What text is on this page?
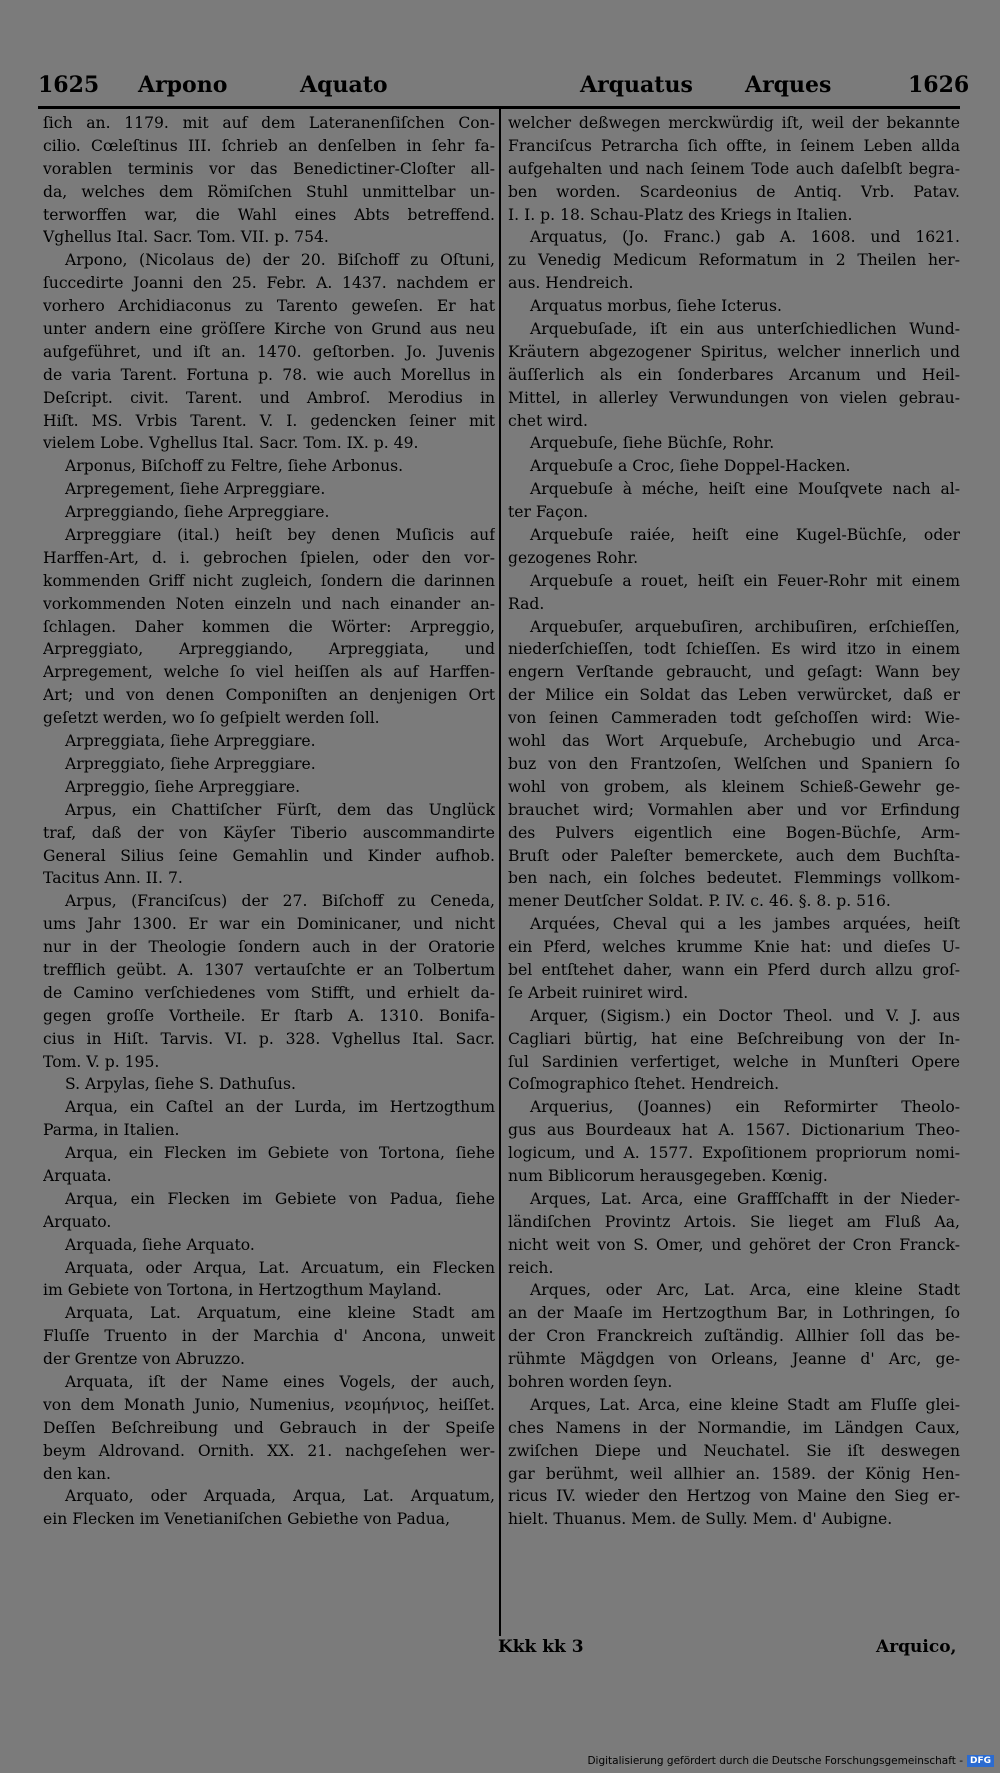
1625 Arpono	Aquato	Arquatus Arques	1626
ſich an. 1179. mit auf dem Lateranenſiſchen Con-
cilio. Cœleſtinus III. ſchrieb an denſelben in ſehr fa-
vorablen terminis vor das Benedictiner-Cloſter all-
da, welches dem Römiſchen Stuhl unmittelbar un-
terworffen war, die Wahl eines Abts betreffend.
Vghellus Ital. Sacr. Tom. VII. p. 754.
Arpono, (Nicolaus de) der 20. Biſchoff zu Oſtuni,
ſuccedirte Joanni den 25. Febr. A. 1437. nachdem er
vorhero Archidiaconus zu Tarento geweſen. Er hat
unter andern eine gröſſere Kirche von Grund aus neu
aufgeführet, und iſt an. 1470. geſtorben. Jo. Juvenis
de varia Tarent. Fortuna p. 78. wie auch Morellus in
Deſcript. civit. Tarent. und Ambroſ. Merodius in
Hiſt. MS. Vrbis Tarent. V. I. gedencken ſeiner mit
vielem Lobe. Vghellus Ital. Sacr. Tom. IX. p. 49.
Arponus, Biſchoff zu Feltre, ſiehe Arbonus.
Arpregement, ſiehe Arpreggiare.
Arpreggiando, ſiehe Arpreggiare.
Arpreggiare (ital.) heiſt bey denen Muſicis auf
Harffen-Art, d. i. gebrochen ſpielen, oder den vor-
kommenden Griff nicht zugleich, ſondern die darinnen
vorkommenden Noten einzeln und nach einander an-
ſchlagen. Daher kommen die Wörter: Arpreggio,
Arpreggiato, Arpreggiando, Arpreggiata, und
Arpregement, welche ſo viel heiſſen als auf Harffen-
Art; und von denen Componiſten an denjenigen Ort
geſetzt werden, wo ſo geſpielt werden ſoll.
Arpreggiata, ſiehe Arpreggiare.
Arpreggiato, ſiehe Arpreggiare.
Arpreggio, ſiehe Arpreggiare.
Arpus, ein Chattiſcher Fürſt, dem das Unglück
traf, daß der von Käyſer Tiberio auscommandirte
General Silius ſeine Gemahlin und Kinder aufhob.
Tacitus Ann. II. 7.
Arpus, (Franciſcus) der 27. Biſchoff zu Ceneda,
ums Jahr 1300. Er war ein Dominicaner, und nicht
nur in der Theologie ſondern auch in der Oratorie
trefflich geübt. A. 1307 vertauſchte er an Tolbertum
de Camino verſchiedenes vom Stifft, und erhielt da-
gegen groſſe Vortheile. Er ſtarb A. 1310. Bonifa-
cius in Hiſt. Tarvis. VI. p. 328. Vghellus Ital. Sacr.
Tom. V. p. 195.
S. Arpylas, ſiehe S. Dathuſus.
Arqua, ein Caſtel an der Lurda, im Hertzogthum
Parma, in Italien.
Arqua, ein Flecken im Gebiete von Tortona, ſiehe
Arquata.
Arqua, ein Flecken im Gebiete von Padua, ſiehe
Arquato.
Arquada, ſiehe Arquato.
Arquata, oder Arqua, Lat. Arcuatum, ein Flecken
im Gebiete von Tortona, in Hertzogthum Mayland.
Arquata, Lat. Arquatum, eine kleine Stadt am
Fluſſe Truento in der Marchia d' Ancona, unweit
der Grentze von Abruzzo.
Arquata, iſt der Name eines Vogels, der auch,
von dem Monath Junio, Numenius, νεομήνιος, heiſſet.
Deſſen Beſchreibung und Gebrauch in der Speiſe
beym Aldrovand. Ornith. XX. 21. nachgeſehen wer-
den kan.
Arquato, oder Arquada, Arqua, Lat. Arquatum,
ein Flecken im Venetianiſchen Gebiethe von Padua,
welcher deßwegen merckwürdig iſt, weil der bekannte
Franciſcus Petrarcha ſich offte, in ſeinem Leben allda
aufgehalten und nach ſeinem Tode auch daſelbſt begra-
ben worden. Scardeonius de Antiq. Vrb. Patav.
I. I. p. 18. Schau-Platz des Kriegs in Italien.
Arquatus, (Jo. Franc.) gab A. 1608. und 1621.
zu Venedig Medicum Reformatum in 2 Theilen her-
aus. Hendreich.
Arquatus morbus, ſiehe Icterus.
Arquebuſade, iſt ein aus unterſchiedlichen Wund-
Kräutern abgezogener Spiritus, welcher innerlich und
äuſſerlich als ein ſonderbares Arcanum und Heil-
Mittel, in allerley Verwundungen von vielen gebrau-
chet wird.
Arquebuſe, ſiehe Büchſe, Rohr.
Arquebuſe a Croc, ſiehe Doppel-Hacken.
Arquebuſe à méche, heiſt eine Mouſqvete nach al-
ter Façon.
Arquebuſe raiée, heiſt eine Kugel-Büchſe, oder
gezogenes Rohr.
Arquebuſe a rouet, heiſt ein Feuer-Rohr mit einem
Rad.
Arquebuſer, arquebuſiren, archibuſiren, erſchieſſen,
niederſchieſſen, todt ſchieſſen. Es wird itzo in einem
engern Verſtande gebraucht, und geſagt: Wann bey
der Milice ein Soldat das Leben verwürcket, daß er
von ſeinen Cammeraden todt geſchoſſen wird: Wie-
wohl das Wort Arquebuſe, Archebugio und Arca-
buz von den Frantzoſen, Welſchen und Spaniern ſo
wohl von grobem, als kleinem Schieß-Gewehr ge-
brauchet wird; Vormahlen aber und vor Erfindung
des Pulvers eigentlich eine Bogen-Büchſe, Arm-
Bruſt oder Paleſter bemerckete, auch dem Buchſta-
ben nach, ein ſolches bedeutet. Flemmings vollkom-
mener Deutſcher Soldat. P. IV. c. 46. §. 8. p. 516.
Arquées, Cheval qui a les jambes arquées, heiſt
ein Pferd, welches krumme Knie hat: und dieſes U-
bel entſtehet daher, wann ein Pferd durch allzu groſ-
ſe Arbeit ruiniret wird.
Arquer, (Sigism.) ein Doctor Theol. und V. J. aus
Cagliari bürtig, hat eine Beſchreibung von der In-
ſul Sardinien verfertiget, welche in Munſteri Opere
Coſmographico ſtehet. Hendreich.
Arquerius, (Joannes) ein Reformirter Theolo-
gus aus Bourdeaux hat A. 1567. Dictionarium Theo-
logicum, und A. 1577. Expoſitionem propriorum nomi-
num Biblicorum herausgegeben. Kœnig.
Arques, Lat. Arca, eine Graffſchafft in der Nieder-
ländiſchen Provintz Artois. Sie lieget am Fluß Aa,
nicht weit von S. Omer, und gehöret der Cron Franck-
reich.
Arques, oder Arc, Lat. Arca, eine kleine Stadt
an der Maaſe im Hertzogthum Bar, in Lothringen, ſo
der Cron Franckreich zuſtändig. Allhier ſoll das be-
rühmte Mägdgen von Orleans, Jeanne d' Arc, ge-
bohren worden ſeyn.
Arques, Lat. Arca, eine kleine Stadt am Fluſſe glei-
ches Namens in der Normandie, im Ländgen Caux,
zwiſchen Diepe und Neuchatel. Sie iſt deswegen
gar berühmt, weil allhier an. 1589. der König Hen-
ricus IV. wieder den Hertzog von Maine den Sieg er-
hielt. Thuanus. Mem. de Sully. Mem. d' Aubigne.
Kkk kk 3	Arquico,
Digitalisierung gefördert durch die Deutsche Forschungsgemeinschaft - DFG
